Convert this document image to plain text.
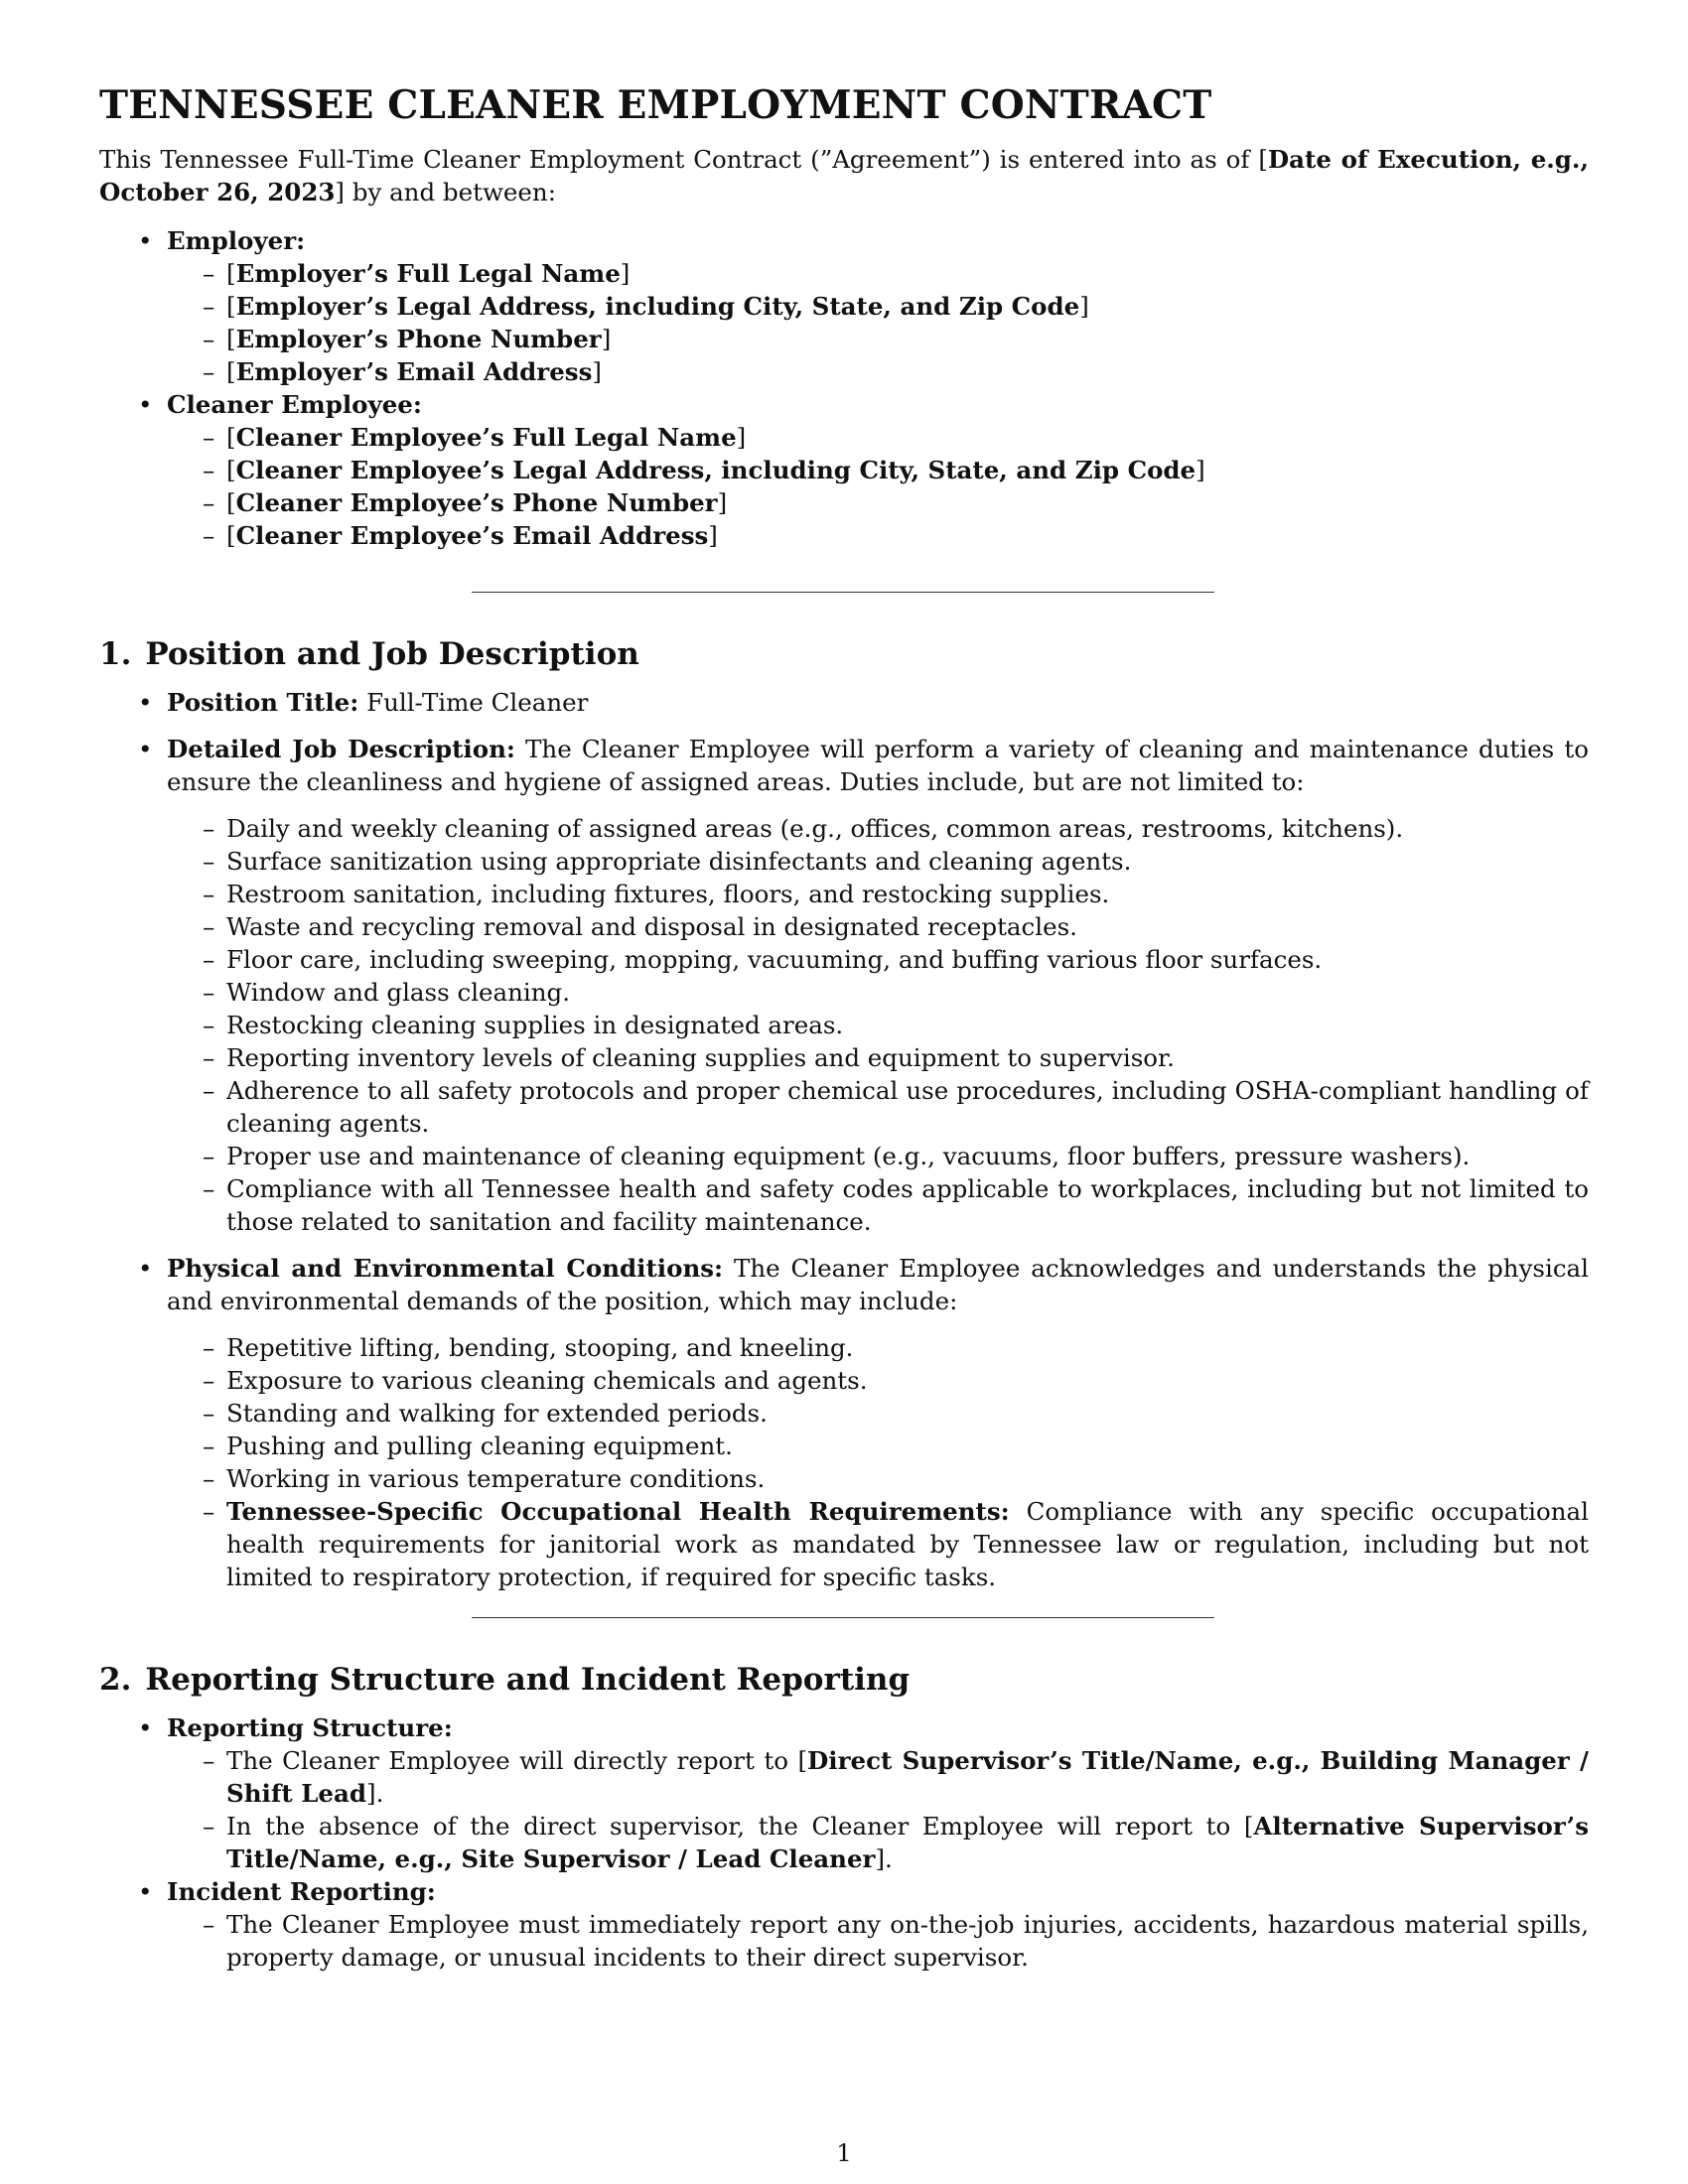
TENNESSEE CLEANER EMPLOYMENT CONTRACT

This Tennessee Full-Time Cleaner Employment Contract (”Agreement”) is entered into as of [Date of Execution, e.g., October 26, 2023] by and between:

• Employer:
– [Employer’s Full Legal Name]
– [Employer’s Legal Address, including City, State, and Zip Code]
– [Employer’s Phone Number]
– [Employer’s Email Address]
• Cleaner Employee:
– [Cleaner Employee’s Full Legal Name]
– [Cleaner Employee’s Legal Address, including City, State, and Zip Code]
– [Cleaner Employee’s Phone Number]
– [Cleaner Employee’s Email Address]
1. Position and Job Description
• Position Title: Full-Time Cleaner
• Detailed Job Description: The Cleaner Employee will perform a variety of cleaning and maintenance duties to ensure the cleanliness and hygiene of assigned areas. Duties include, but are not limited to:
– Daily and weekly cleaning of assigned areas (e.g., offices, common areas, restrooms, kitchens).
– Surface sanitization using appropriate disinfectants and cleaning agents.
– Restroom sanitation, including fixtures, floors, and restocking supplies.
– Waste and recycling removal and disposal in designated receptacles.
– Floor care, including sweeping, mopping, vacuuming, and buffing various floor surfaces.
– Window and glass cleaning.
– Restocking cleaning supplies in designated areas.
– Reporting inventory levels of cleaning supplies and equipment to supervisor.
– Adherence to all safety protocols and proper chemical use procedures, including OSHA-compliant handling of cleaning agents.
– Proper use and maintenance of cleaning equipment (e.g., vacuums, floor buffers, pressure washers).
– Compliance with all Tennessee health and safety codes applicable to workplaces, including but not limited to those related to sanitation and facility maintenance.
• Physical and Environmental Conditions: The Cleaner Employee acknowledges and understands the physical and environmental demands of the position, which may include:
– Repetitive lifting, bending, stooping, and kneeling.
– Exposure to various cleaning chemicals and agents.
– Standing and walking for extended periods.
– Pushing and pulling cleaning equipment.
– Working in various temperature conditions.
– Tennessee-Specific Occupational Health Requirements: Compliance with any specific occupational health requirements for janitorial work as mandated by Tennessee law or regulation, including but not limited to respiratory protection, if required for specific tasks.
2. Reporting Structure and Incident Reporting
• Reporting Structure:
– The Cleaner Employee will directly report to [Direct Supervisor’s Title/Name, e.g., Building Manager / Shift Lead].
– In the absence of the direct supervisor, the Cleaner Employee will report to [Alternative Supervisor’s Title/Name, e.g., Site Supervisor / Lead Cleaner].
• Incident Reporting:
– The Cleaner Employee must immediately report any on-the-job injuries, accidents, hazardous material spills, property damage, or unusual incidents to their direct supervisor.
1
